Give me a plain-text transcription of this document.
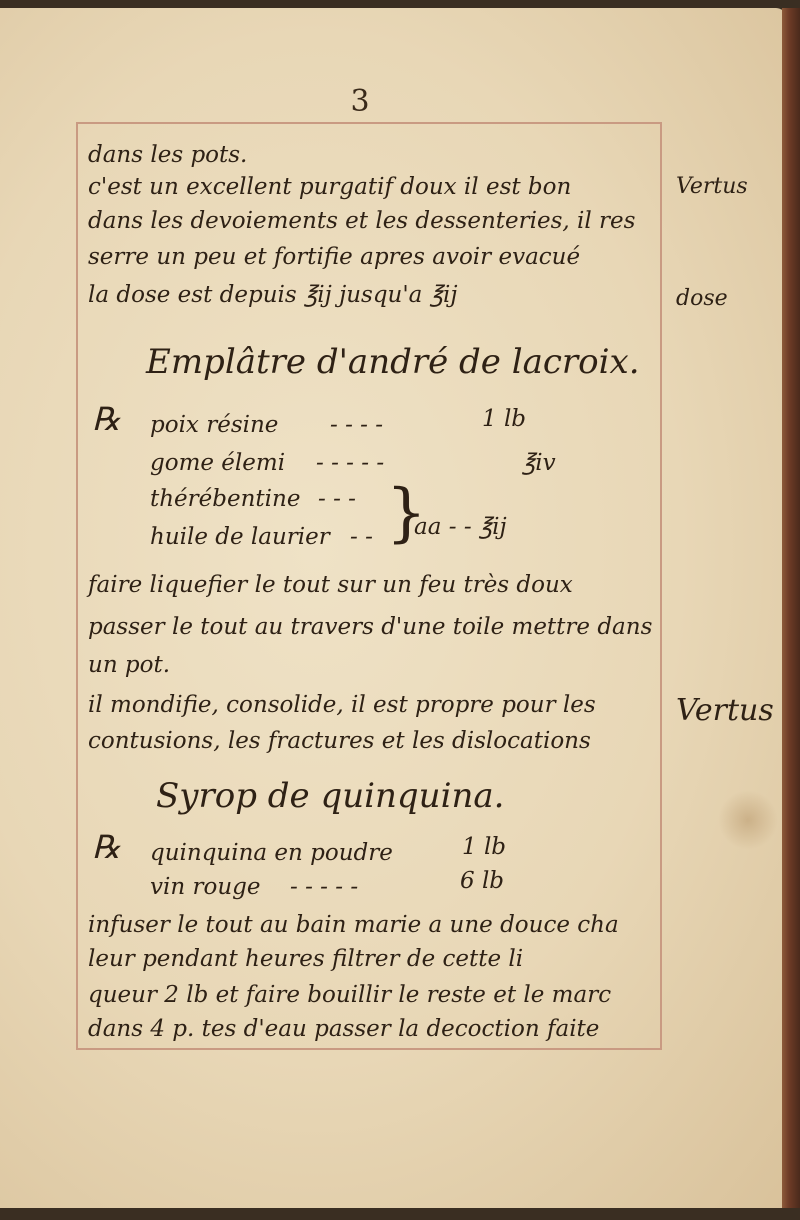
3
dans les pots.
c'est un excellent purgatif doux il est bon
dans les devoiements et les dessenteries, il res
serre un peu et fortifie apres avoir evacué
la dose est depuis ℥ij jusqu'a ℥ij
Vertus
dose
Emplâtre d'andré de lacroix.
℞ poix résine - - - -	1 lb
gome élemi - - - - -	℥iv
thérébentine - - -
huile de laurier - - }
aa - - ℥ij
faire liquefier le tout sur un feu très doux
passer le tout au travers d'une toile mettre dans
un pot.
il mondifie, consolide, il est propre pour les
contusions, les fractures et les dislocations
Vertus
Syrop de quinquina.
℞ quinquina en poudre	1 lb
vin rouge - - - - -	6 lb
infuser le tout au bain marie a une douce cha
leur pendant heures filtrer de cette li
queur 2 lb et faire bouillir le reste et le marc
dans 4 p. tes d'eau passer la decoction faite
